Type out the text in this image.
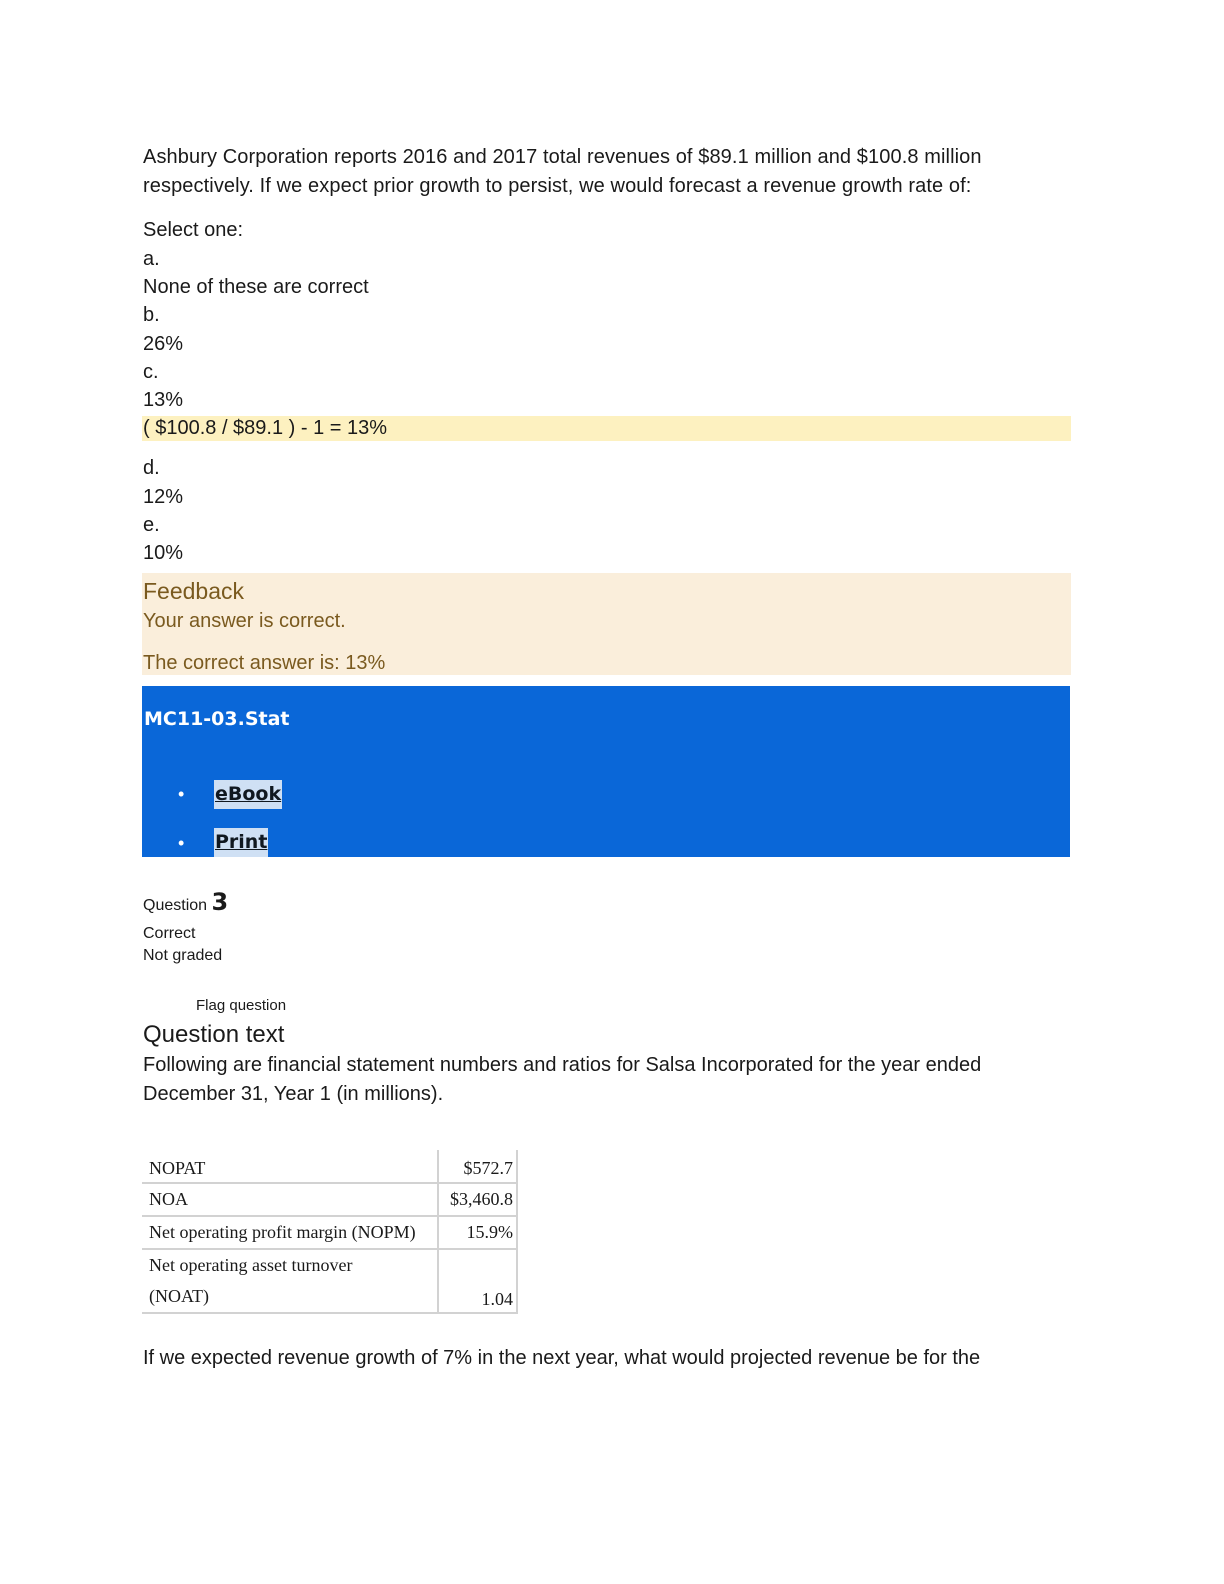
Ashbury Corporation reports 2016 and 2017 total revenues of $89.1 million and $100.8 million respectively. If we expect prior growth to persist, we would forecast a revenue growth rate of:
Select one:
a.
None of these are correct
b.
26%
c.
13%
( $100.8 / $89.1 ) - 1 = 13%
d.
12%
e.
10%
Feedback
Your answer is correct.
The correct answer is: 13%
MC11-03.Stat
• eBook
• Print
Question 3
Correct
Not graded
Flag question
Question text
Following are financial statement numbers and ratios for Salsa Incorporated for the year ended December 31, Year 1 (in millions).
NOPAT	$572.7
NOA	$3,460.8
Net operating profit margin (NOPM)	15.9%

Net operating asset turnover
(NOAT)	1.04
If we expected revenue growth of 7% in the next year, what would projected revenue be for the
